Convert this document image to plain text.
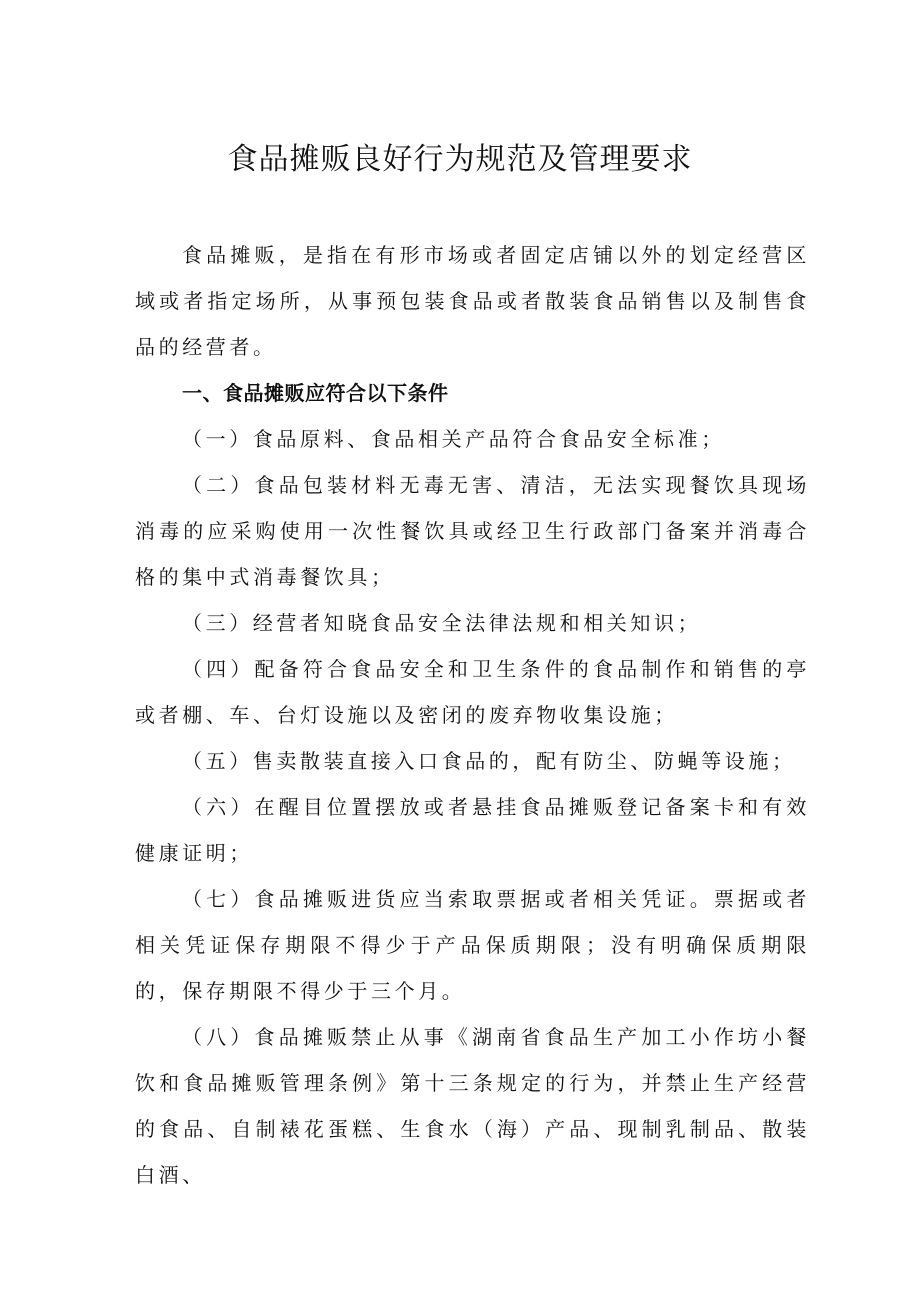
食品摊贩良好行为规范及管理要求

食品摊贩，是指在有形市场或者固定店铺以外的划定经营区域或者指定场所，从事预包装食品或者散装食品销售以及制售食品的经营者。

一、食品摊贩应符合以下条件

（一）食品原料、食品相关产品符合食品安全标准；

（二）食品包装材料无毒无害、清洁，无法实现餐饮具现场消毒的应采购使用一次性餐饮具或经卫生行政部门备案并消毒合格的集中式消毒餐饮具；

（三）经营者知晓食品安全法律法规和相关知识；

（四）配备符合食品安全和卫生条件的食品制作和销售的亭或者棚、车、台灯设施以及密闭的废弃物收集设施；

（五）售卖散装直接入口食品的，配有防尘、防蝇等设施；

（六）在醒目位置摆放或者悬挂食品摊贩登记备案卡和有效健康证明；

（七）食品摊贩进货应当索取票据或者相关凭证。票据或者相关凭证保存期限不得少于产品保质期限；没有明确保质期限的，保存期限不得少于三个月。

（八）食品摊贩禁止从事《湖南省食品生产加工小作坊小餐饮和食品摊贩管理条例》第十三条规定的行为，并禁止生产经营的食品、自制裱花蛋糕、生食水（海）产品、现制乳制品、散装白酒、
